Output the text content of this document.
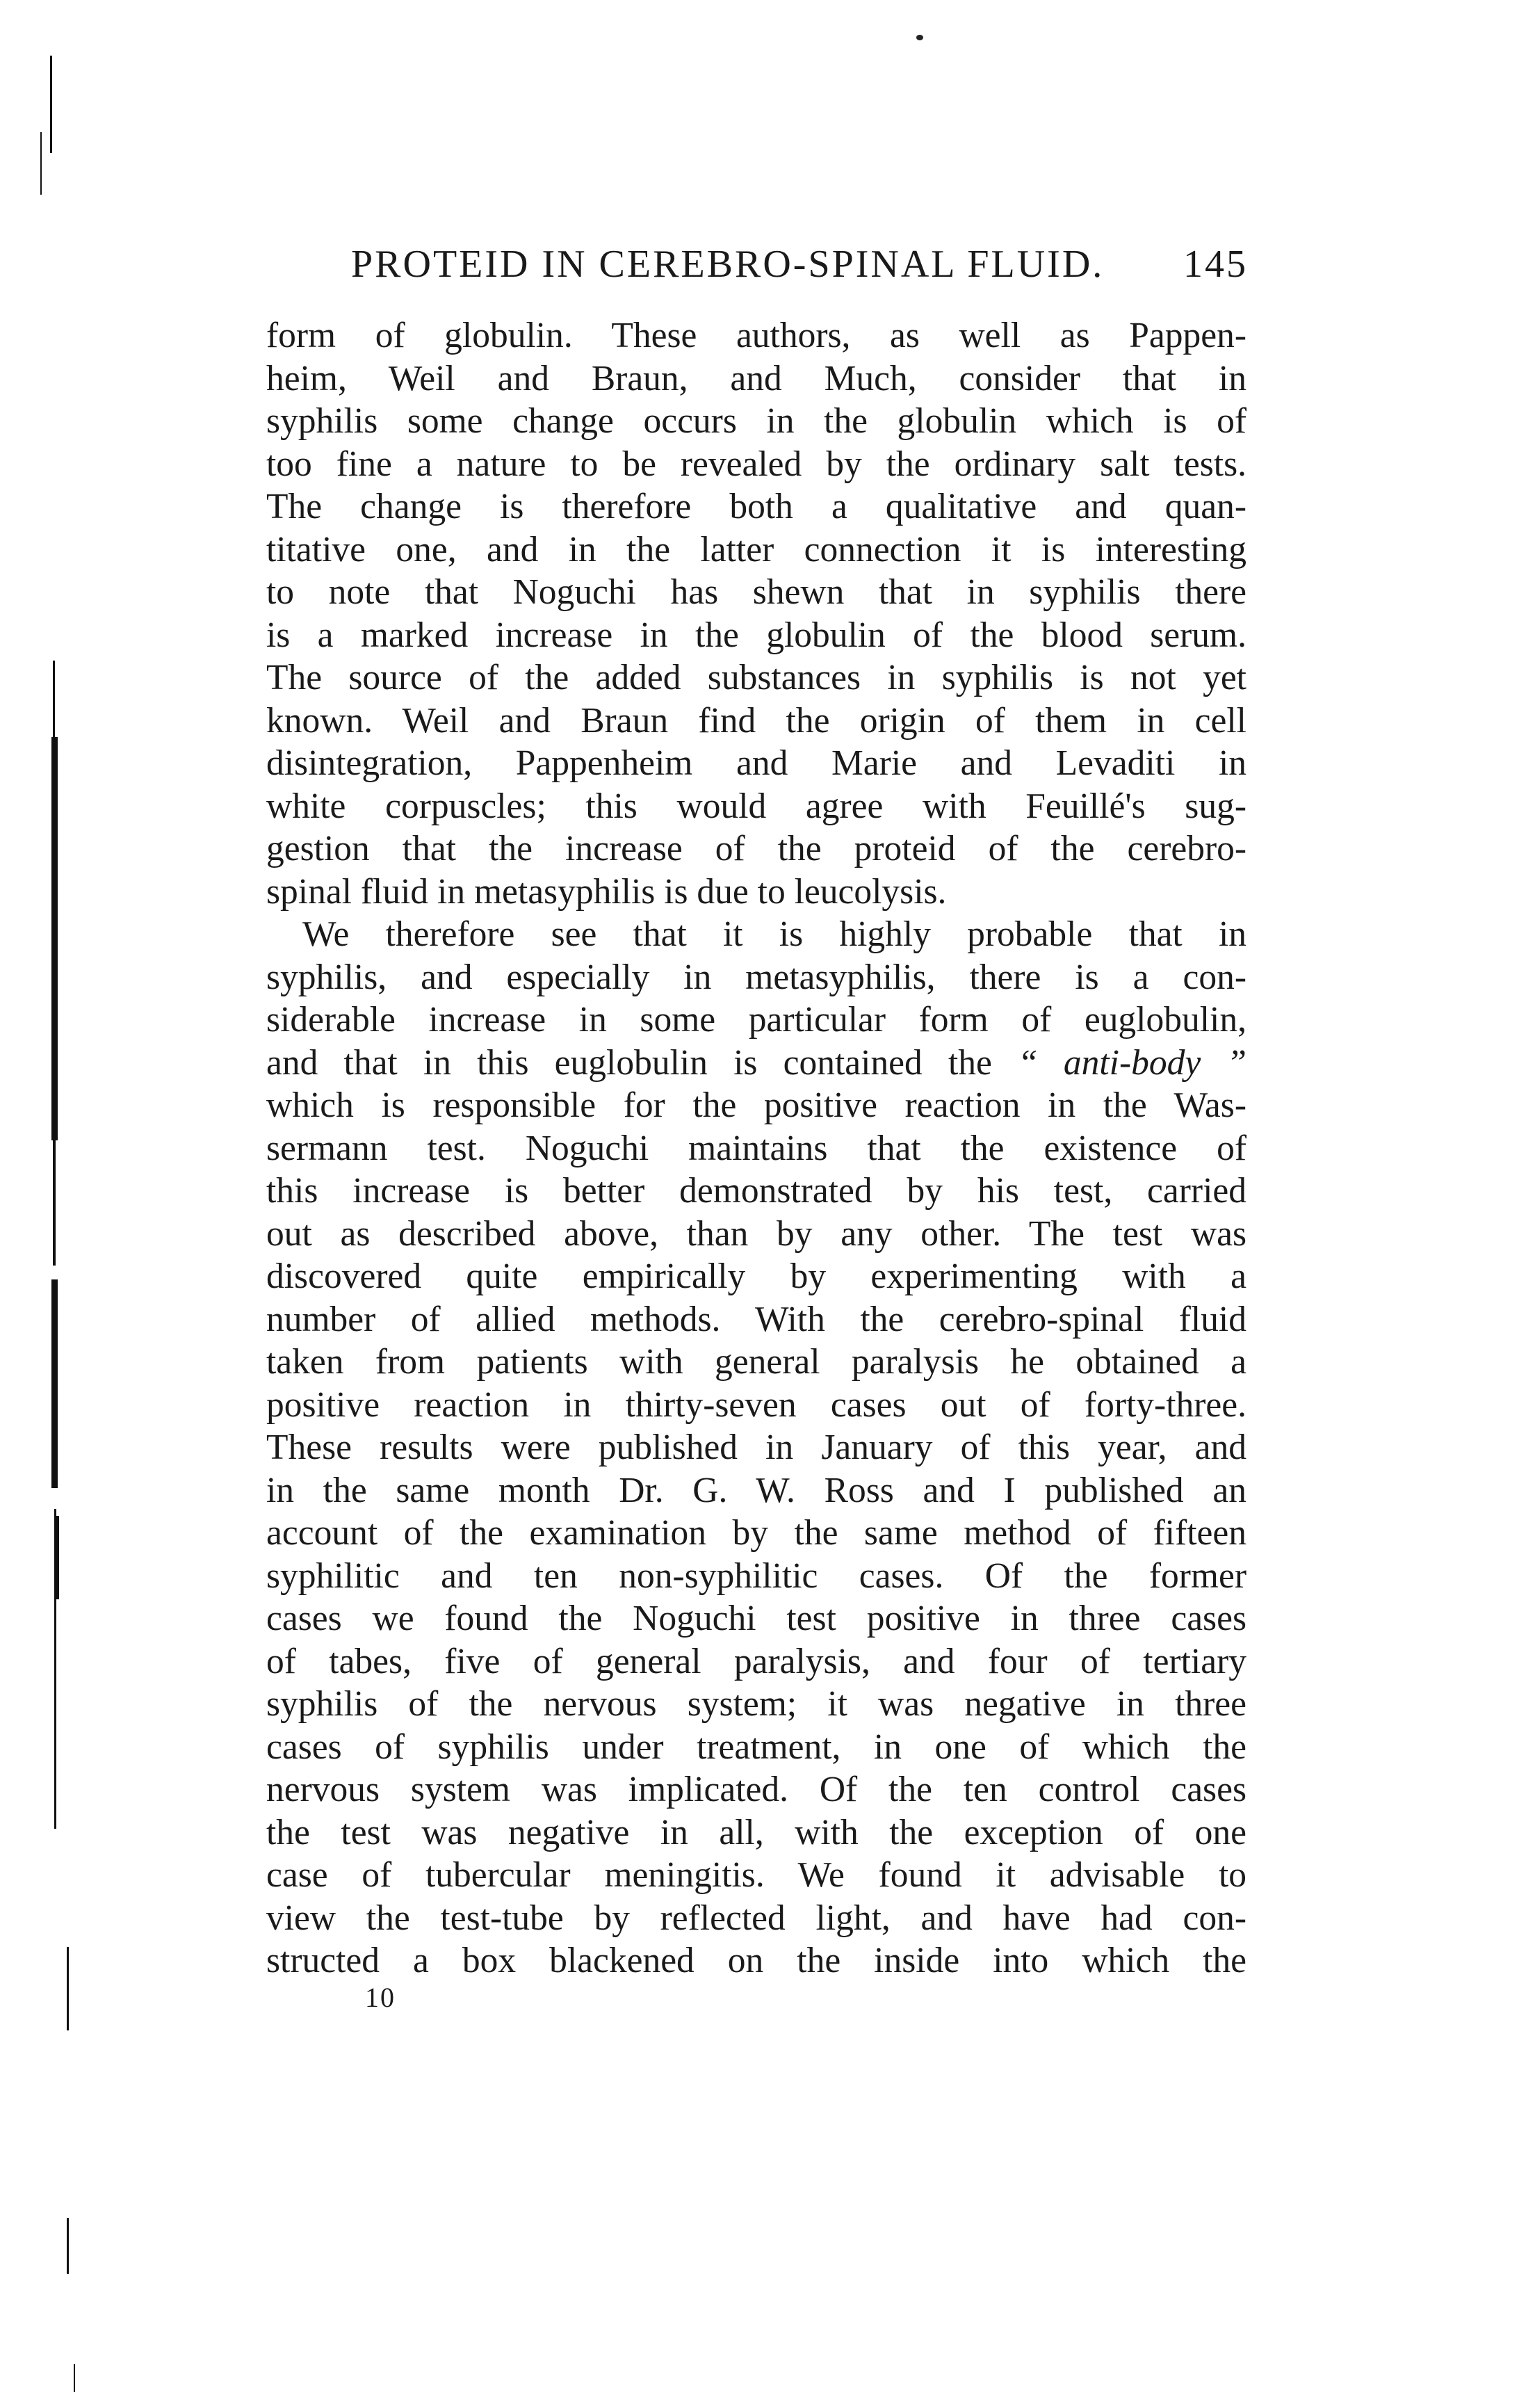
PROTEID IN CEREBRO-SPINAL FLUID. 145
form of globulin. These authors, as well as Pappen-
heim, Weil and Braun, and Much, consider that in
syphilis some change occurs in the globulin which is of
too fine a nature to be revealed by the ordinary salt tests.
The change is therefore both a qualitative and quan-
titative one, and in the latter connection it is interesting
to note that Noguchi has shewn that in syphilis there
is a marked increase in the globulin of the blood serum.
The source of the added substances in syphilis is not yet
known. Weil and Braun find the origin of them in cell
disintegration, Pappenheim and Marie and Levaditi in
white corpuscles; this would agree with Feuillé's sug-
gestion that the increase of the proteid of the cerebro-
spinal fluid in metasyphilis is due to leucolysis.
We therefore see that it is highly probable that in
syphilis, and especially in metasyphilis, there is a con-
siderable increase in some particular form of euglobulin,
and that in this euglobulin is contained the “ anti-body ”
which is responsible for the positive reaction in the Was-
sermann test. Noguchi maintains that the existence of
this increase is better demonstrated by his test, carried
out as described above, than by any other. The test was
discovered quite empirically by experimenting with a
number of allied methods. With the cerebro-spinal fluid
taken from patients with general paralysis he obtained a
positive reaction in thirty-seven cases out of forty-three.
These results were published in January of this year, and
in the same month Dr. G. W. Ross and I published an
account of the examination by the same method of fifteen
syphilitic and ten non-syphilitic cases. Of the former
cases we found the Noguchi test positive in three cases
of tabes, five of general paralysis, and four of tertiary
syphilis of the nervous system; it was negative in three
cases of syphilis under treatment, in one of which the
nervous system was implicated. Of the ten control cases
the test was negative in all, with the exception of one
case of tubercular meningitis. We found it advisable to
view the test-tube by reflected light, and have had con-
structed a box blackened on the inside into which the
10
